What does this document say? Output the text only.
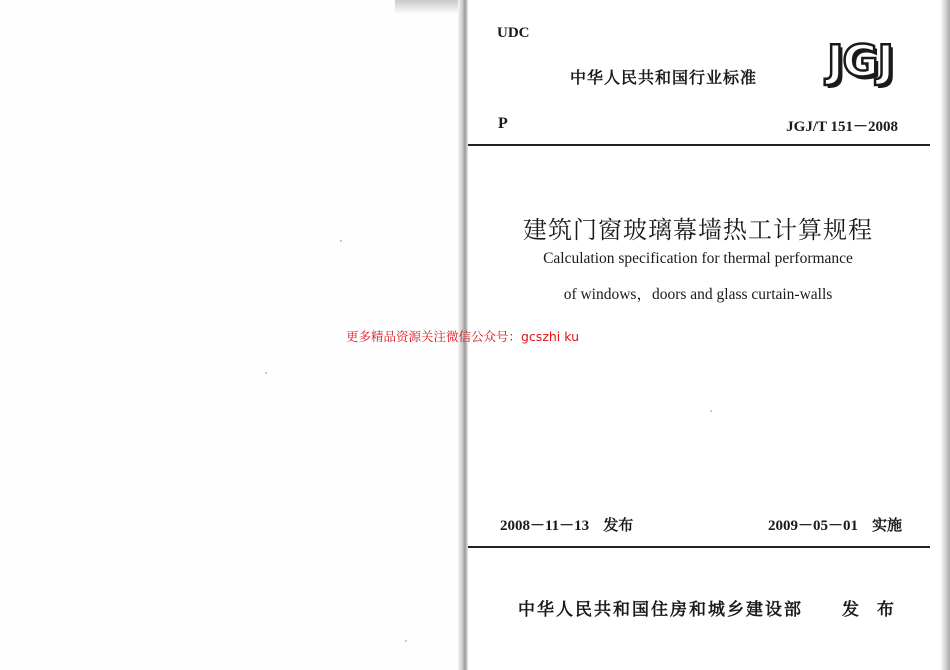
UDC
中华人民共和国行业标准 JGJ
P	JGJ/T 151－2008
建筑门窗玻璃幕墙热工计算规程
Calculation specification for thermal performance
of windows，doors and glass curtain-walls
更多精品资源关注微信公众号：gcszhi ku
2008－11－13 发布	2009－05－01 实施
中华人民共和国住房和城乡建设部 发 布
